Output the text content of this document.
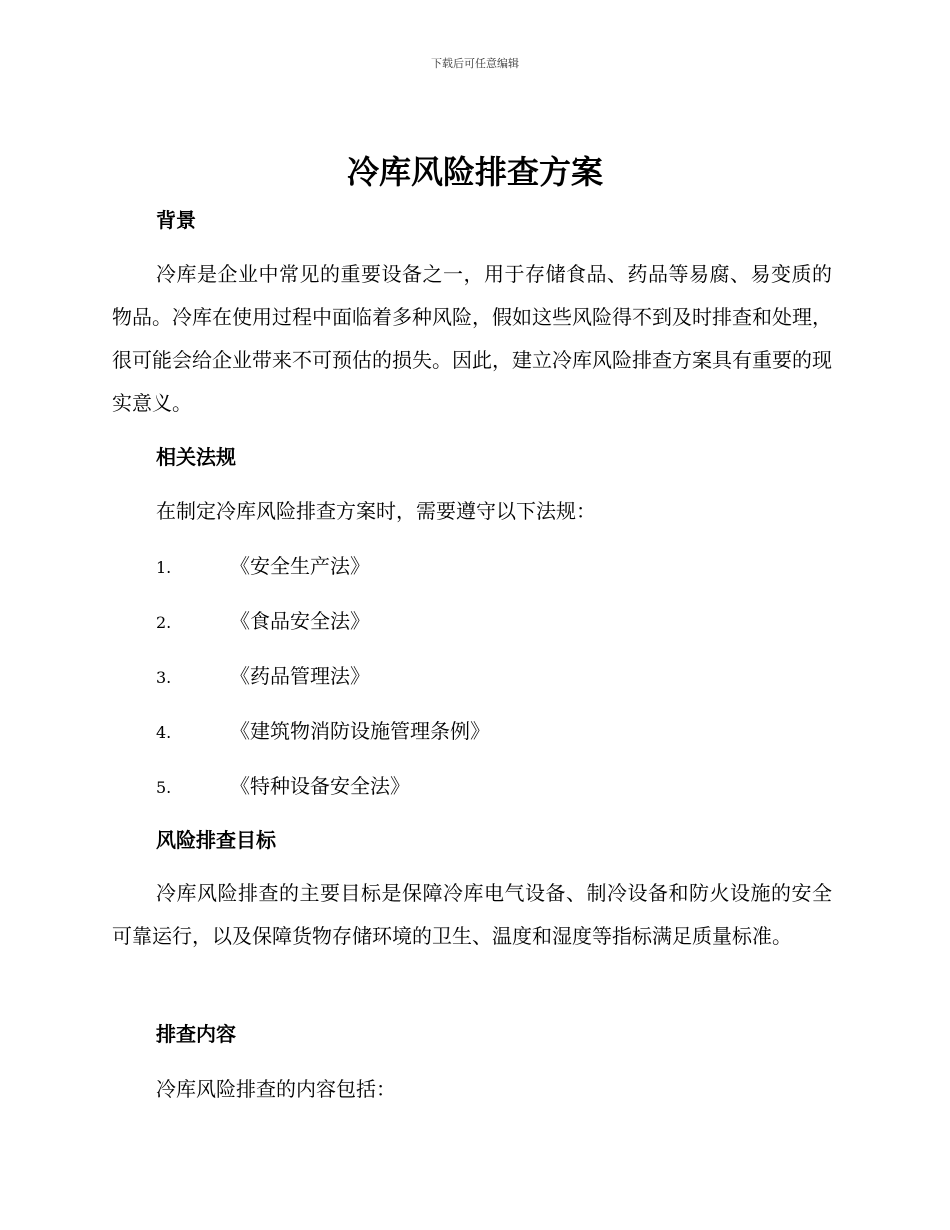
下载后可任意编辑
冷库风险排查方案
背景

冷库是企业中常见的重要设备之一，用于存储食品、药品等易腐、易变质的物品。冷库在使用过程中面临着多种风险，假如这些风险得不到及时排查和处理，很可能会给企业带来不可预估的损失。因此，建立冷库风险排查方案具有重要的现实意义。

相关法规

在制定冷库风险排查方案时，需要遵守以下法规：

1.	《安全生产法》
2.	《食品安全法》
3.	《药品管理法》
4.	《建筑物消防设施管理条例》
5.	《特种设备安全法》
风险排查目标

冷库风险排查的主要目标是保障冷库电气设备、制冷设备和防火设施的安全可靠运行，以及保障货物存储环境的卫生、温度和湿度等指标满足质量标准。

排查内容

冷库风险排查的内容包括：
